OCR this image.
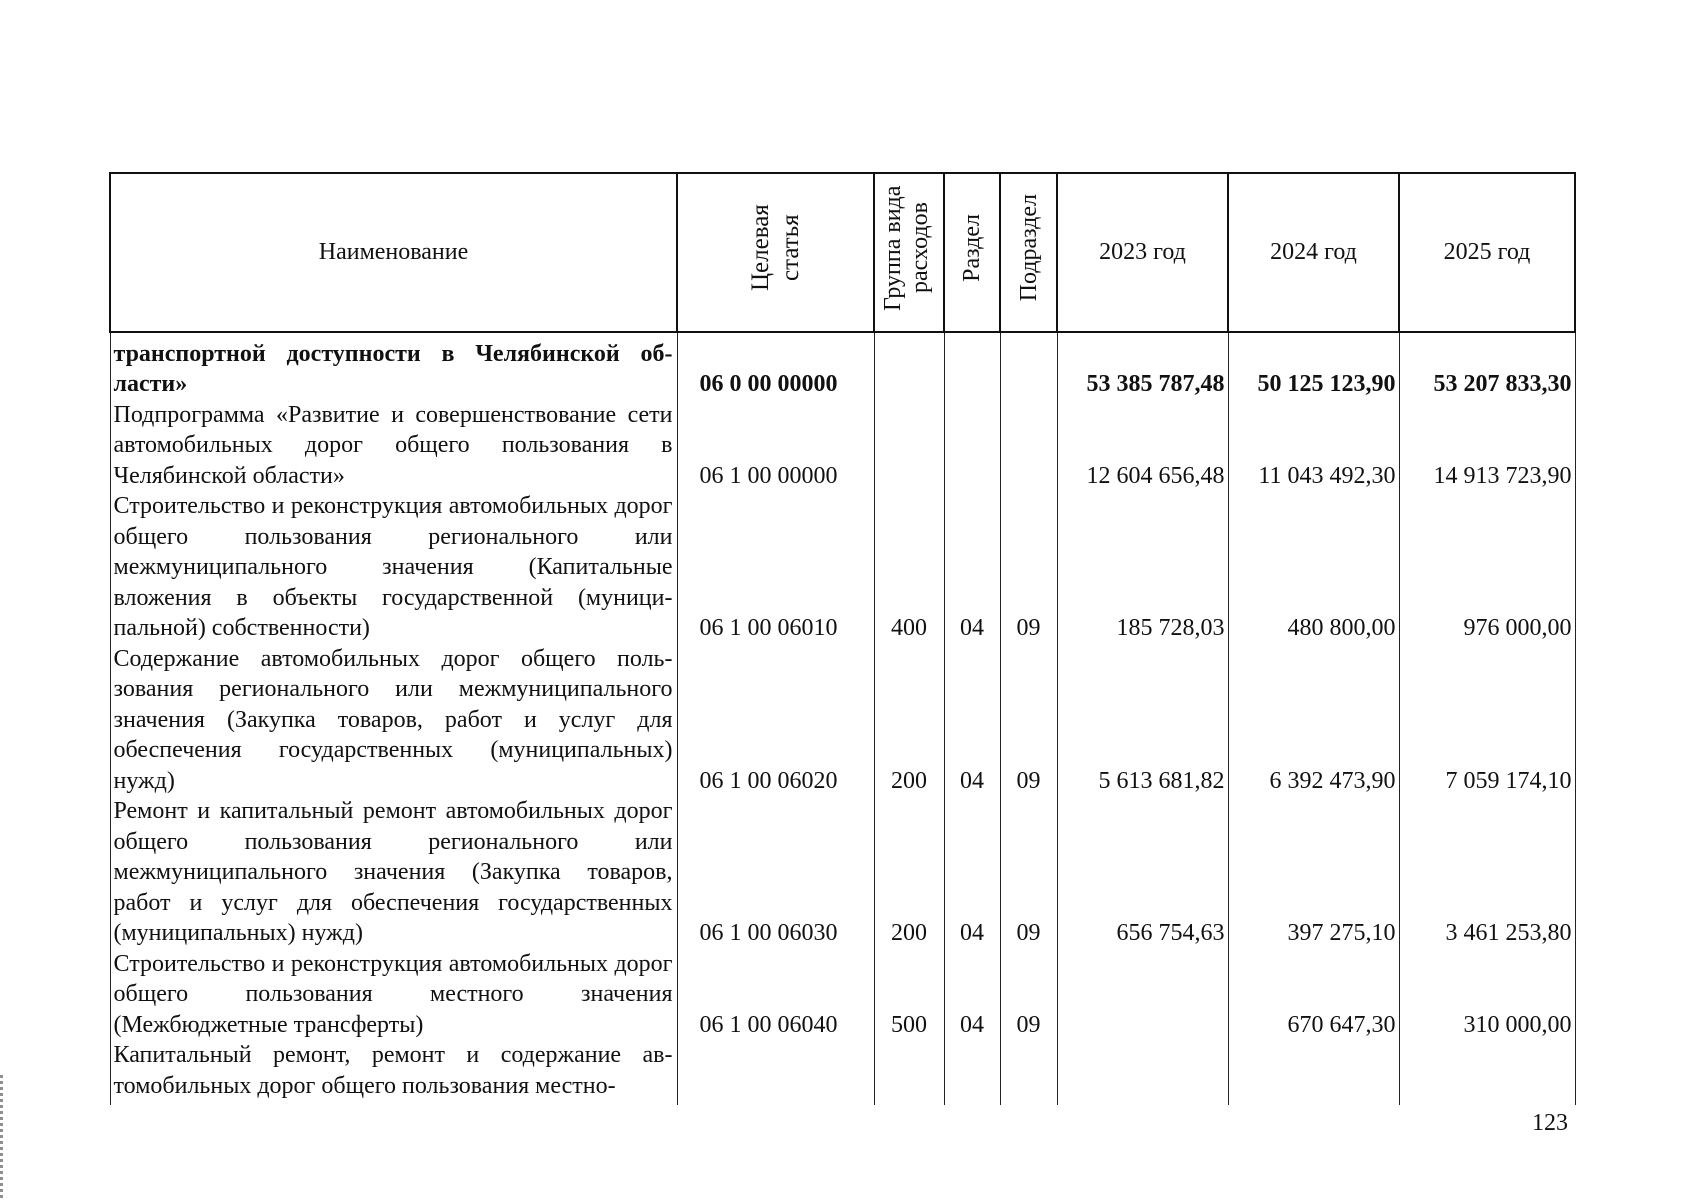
Наименование	Целевая статья	Группа вида расходов	Раздел	Подраздел	2023 год	2024 год	2025 год
транспортной доступности в Челябинской области»	06 0 00 00000				53 385 787,48	50 125 123,90	53 207 833,30
Подпрограмма «Развитие и совершенствование сети автомобильных дорог общего пользования в Челябинской области»	06 1 00 00000				12 604 656,48	11 043 492,30	14 913 723,90
Строительство и реконструкция автомобильных дорог общего пользования регионального или межмуниципального значения (Капитальные вложения в объекты государственной (муниципальной) собственности)	06 1 00 06010	400	04	09	185 728,03	480 800,00	976 000,00
Содержание автомобильных дорог общего пользования регионального или межмуниципального значения (Закупка товаров, работ и услуг для обеспечения государственных (муниципальных) нужд)	06 1 00 06020	200	04	09	5 613 681,82	6 392 473,90	7 059 174,10
Ремонт и капитальный ремонт автомобильных дорог общего пользования регионального или межмуниципального значения (Закупка товаров, работ и услуг для обеспечения государственных (муниципальных) нужд)	06 1 00 06030	200	04	09	656 754,63	397 275,10	3 461 253,80
Строительство и реконструкция автомобильных дорог общего пользования местного значения (Межбюджетные трансферты)	06 1 00 06040	500	04	09		670 647,30	310 000,00
Капитальный ремонт, ремонт и содержание автомобильных дорог общего пользования местно-							
123
